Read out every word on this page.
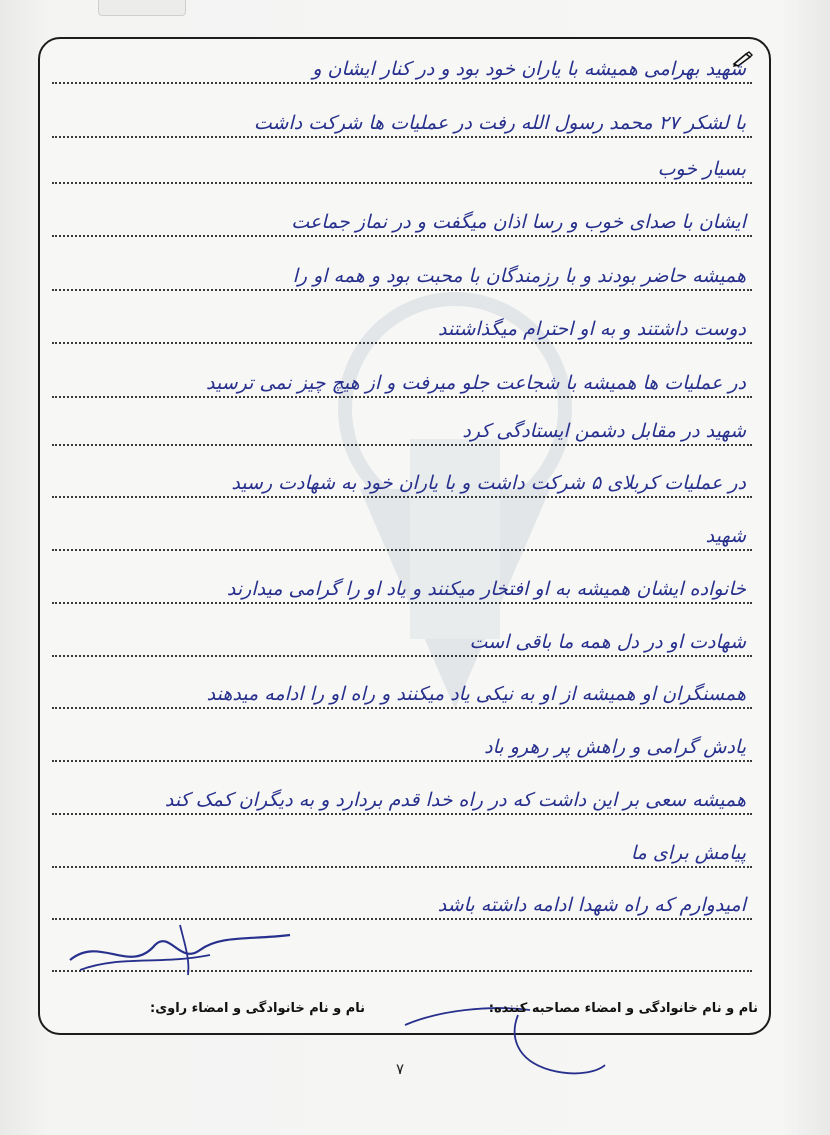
شهید بهرامی همیشه با یاران خود بود و در کنار ایشان و
با لشکر ۲۷ محمد رسول الله رفت در عملیات ها شرکت داشت
بسیار خوب
ایشان با صدای خوب و رسا اذان میگفت و در نماز جماعت
همیشه حاضر بودند و با رزمندگان با محبت بود و همه او را
دوست داشتند و به او احترام میگذاشتند
در عملیات ها همیشه با شجاعت جلو میرفت و از هیچ چیز نمی ترسید
شهید در مقابل دشمن ایستادگی کرد
در عملیات کربلای ۵ شرکت داشت و با یاران خود به شهادت رسید
شهید
خانواده ایشان همیشه به او افتخار میکنند و یاد او را گرامی میدارند
شهادت او در دل همه ما باقی است
همسنگران او همیشه از او به نیکی یاد میکنند و راه او را ادامه میدهند
یادش گرامی و راهش پر رهرو باد
همیشه سعی بر این داشت که در راه خدا قدم بردارد و به دیگران کمک کند
پیامش برای ما
امیدوارم که راه شهدا ادامه داشته باشد
نام و نام خانوادگی و امضاء راوی:	نام و نام خانوادگی و امضاء مصاحبه کننده:
۷
